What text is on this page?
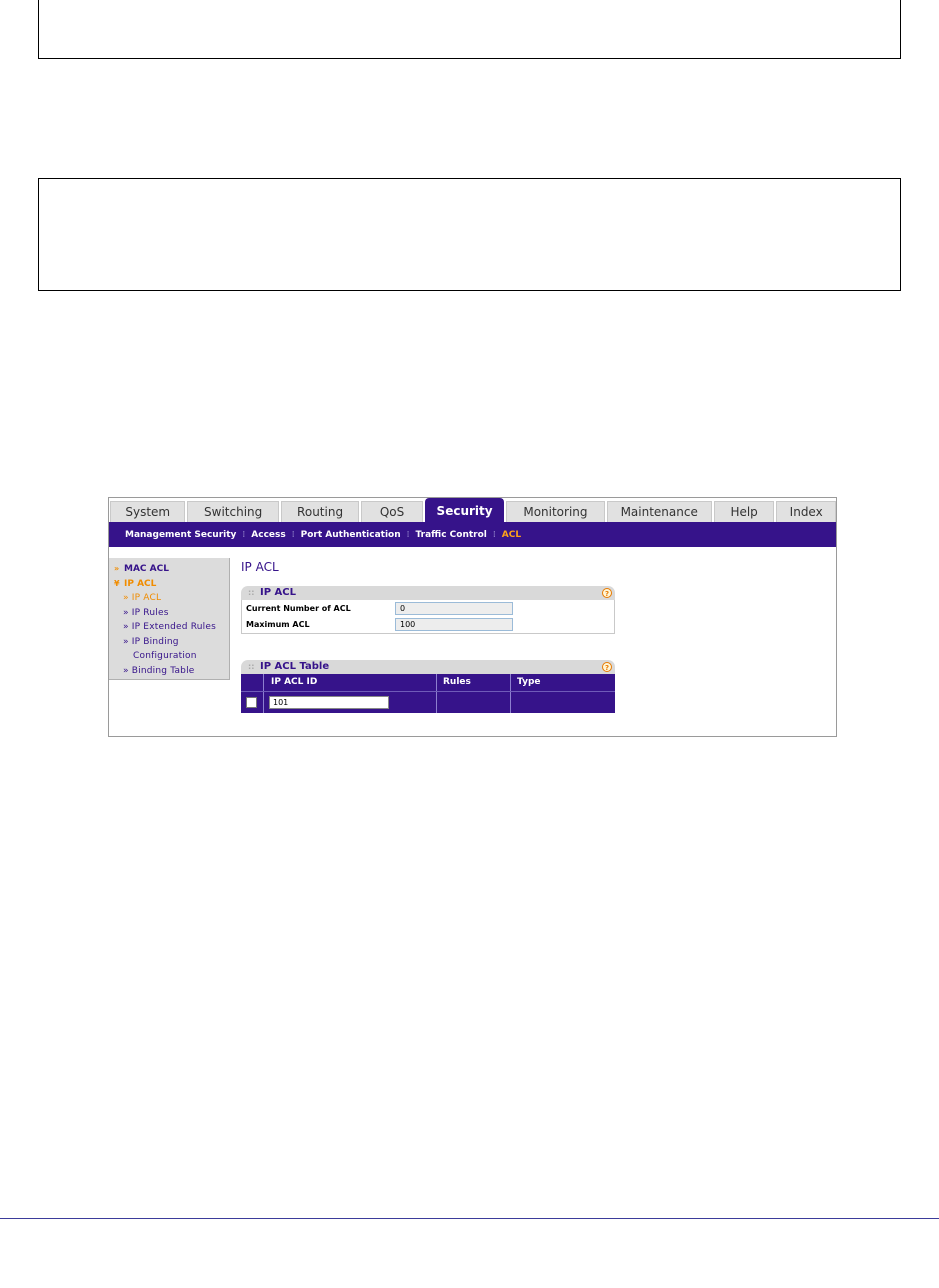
System	Switching	Routing	QoS	Security	Monitoring	Maintenance	Help	Index
Management Security ⁞ Access ⁞ Port Authentication ⁞ Traffic Control ⁞ ACL
» MAC ACL
¥ IP ACL
» IP ACL
» IP Rules
» IP Extended Rules
» IP Binding
Configuration
» Binding Table
IP ACL
:: IP ACL	?
Current Number of ACL	0
Maximum ACL	100
:: IP ACL Table	?
IP ACL ID	Rules	Type
101
